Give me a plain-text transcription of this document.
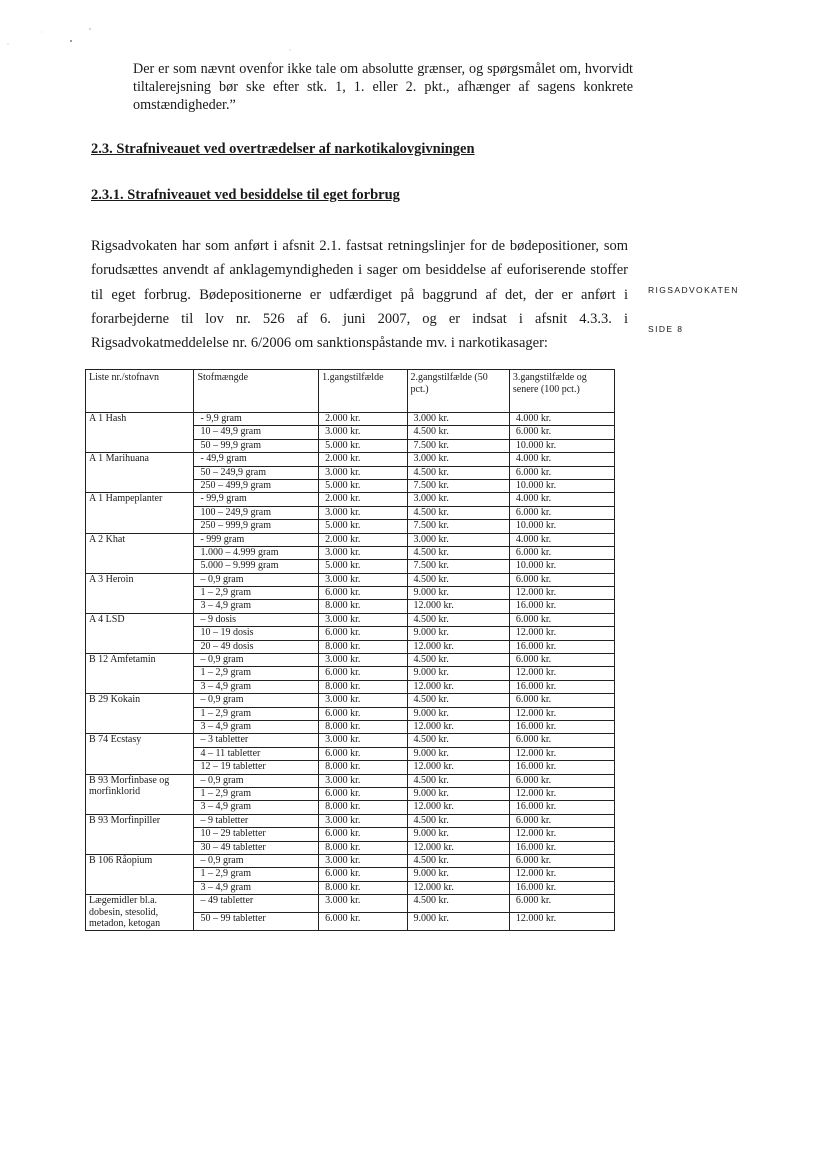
Der er som nævnt ovenfor ikke tale om absolutte grænser, og spørgsmålet om, hvorvidt tiltalerejsning bør ske efter stk. 1, 1. eller 2. pkt., afhænger af sagens konkrete omstændigheder.”
2.3. Strafniveauet ved overtrædelser af narkotikalovgivningen
2.3.1. Strafniveauet ved besiddelse til eget forbrug
Rigsadvokaten har som anført i afsnit 2.1. fastsat retningslinjer for de bødepositioner, som forudsættes anvendt af anklagemyndigheden i sager om besiddelse af euforiserende stoffer til eget forbrug. Bødepositionerne er udfærdiget på baggrund af det, der er anført i forarbejderne til lov nr. 526 af 6. juni 2007, og er indsat i afsnit 4.3.3. i Rigsadvokatmeddelelse nr. 6/2006 om sanktionspåstande mv. i narkotikasager:
RIGSADVOKATEN
SIDE 8
Liste nr./stofnavn	Stofmængde	1.gangstilfælde	2.gangstilfælde (50 pct.)	3.gangstilfælde og senere (100 pct.)
A 1 Hash	- 9,9 gram	2.000 kr.	3.000 kr.	4.000 kr.
	10 – 49,9 gram	3.000 kr.	4.500 kr.	6.000 kr.
	50 – 99,9 gram	5.000 kr.	7.500 kr.	10.000 kr.
A 1 Marihuana	- 49,9 gram	2.000 kr.	3.000 kr.	4.000 kr.
	50 – 249,9 gram	3.000 kr.	4.500 kr.	6.000 kr.
	250 – 499,9 gram	5.000 kr.	7.500 kr.	10.000 kr.
A 1 Hampeplanter	- 99,9 gram	2.000 kr.	3.000 kr.	4.000 kr.
	100 – 249,9 gram	3.000 kr.	4.500 kr.	6.000 kr.
	250 – 999,9 gram	5.000 kr.	7.500 kr.	10.000 kr.
A 2 Khat	- 999 gram	2.000 kr.	3.000 kr.	4.000 kr.
	1.000 – 4.999 gram	3.000 kr.	4.500 kr.	6.000 kr.
	5.000 – 9.999 gram	5.000 kr.	7.500 kr.	10.000 kr.
A 3 Heroin	– 0,9 gram	3.000 kr.	4.500 kr.	6.000 kr.
	1 – 2,9 gram	6.000 kr.	9.000 kr.	12.000 kr.
	3 – 4,9 gram	8.000 kr.	12.000 kr.	16.000 kr.
A 4 LSD	– 9 dosis	3.000 kr.	4.500 kr.	6.000 kr.
	10 – 19 dosis	6.000 kr.	9.000 kr.	12.000 kr.
	20 – 49 dosis	8.000 kr.	12.000 kr.	16.000 kr.
B 12 Amfetamin	– 0,9 gram	3.000 kr.	4.500 kr.	6.000 kr.
	1 – 2,9 gram	6.000 kr.	9.000 kr.	12.000 kr.
	3 – 4,9 gram	8.000 kr.	12.000 kr.	16.000 kr.
B 29 Kokain	– 0,9 gram	3.000 kr.	4.500 kr.	6.000 kr.
	1 – 2,9 gram	6.000 kr.	9.000 kr.	12.000 kr.
	3 – 4,9 gram	8.000 kr.	12.000 kr.	16.000 kr.
B 74 Ecstasy	– 3 tabletter	3.000 kr.	4.500 kr.	6.000 kr.
	4 – 11 tabletter	6.000 kr.	9.000 kr.	12.000 kr.
	12 – 19 tabletter	8.000 kr.	12.000 kr.	16.000 kr.
B 93 Morfinbase og morfinklorid	– 0,9 gram	3.000 kr.	4.500 kr.	6.000 kr.
	1 – 2,9 gram	6.000 kr.	9.000 kr.	12.000 kr.
	3 – 4,9 gram	8.000 kr.	12.000 kr.	16.000 kr.
B 93 Morfinpiller	– 9 tabletter	3.000 kr.	4.500 kr.	6.000 kr.
	10 – 29 tabletter	6.000 kr.	9.000 kr.	12.000 kr.
	30 – 49 tabletter	8.000 kr.	12.000 kr.	16.000 kr.
B 106 Råopium	– 0,9 gram	3.000 kr.	4.500 kr.	6.000 kr.
	1 – 2,9 gram	6.000 kr.	9.000 kr.	12.000 kr.
	3 – 4,9 gram	8.000 kr.	12.000 kr.	16.000 kr.
Lægemidler bl.a. dobesin, stesolid, metadon, ketogan	– 49 tabletter	3.000 kr.	4.500 kr.	6.000 kr.
	50 – 99 tabletter	6.000 kr.	9.000 kr.	12.000 kr.
